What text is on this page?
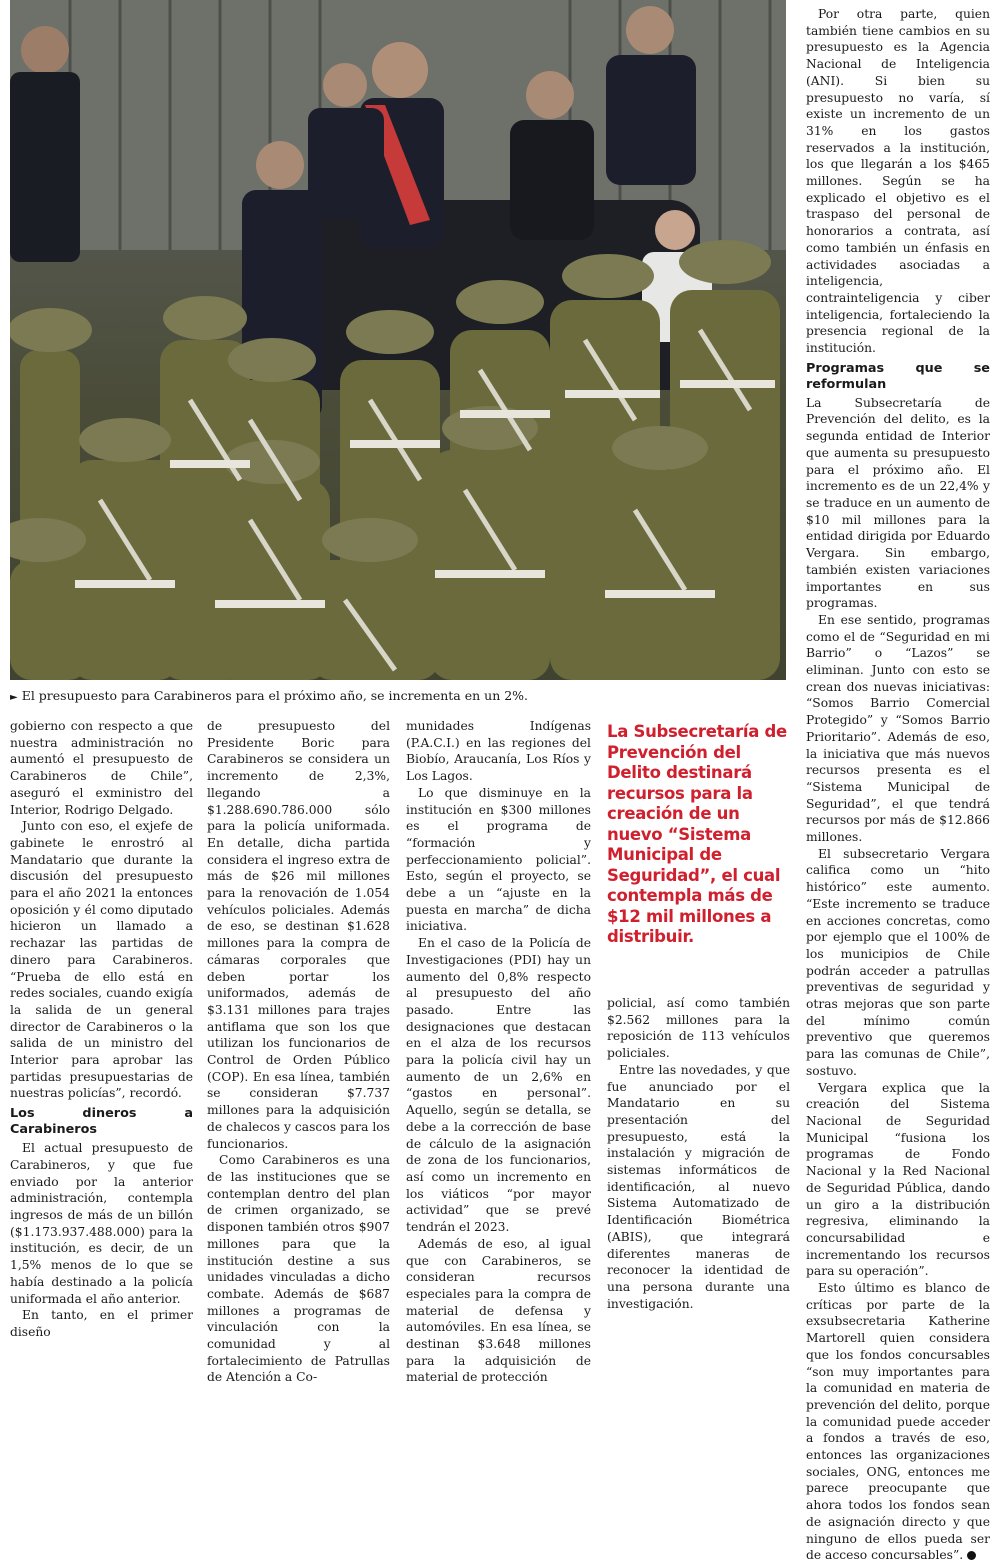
► El presupuesto para Carabineros para el próximo año, se incrementa en un 2%.

gobierno con respecto a que nuestra administración no aumentó el presupuesto de Carabineros de Chile”, aseguró el exministro del Interior, Rodrigo Delgado.

Junto con eso, el exjefe de gabinete le enrostró al Mandatario que durante la discusión del presupuesto para el año 2021 la entonces oposición y él como diputado hicieron un llamado a rechazar las partidas de dinero para Carabineros. “Prueba de ello está en redes sociales, cuando exigía la salida de un general director de Carabineros o la salida de un ministro del Interior para aprobar las partidas presupuestarias de nuestras policías”, recordó.

Los dineros a Carabineros

El actual presupuesto de Carabineros, y que fue enviado por la anterior administración, contempla ingresos de más de un billón ($1.173.937.488.000) para la institución, es decir, de un 1,5% menos de lo que se había destinado a la policía uniformada el año anterior.

En tanto, en el primer diseño

de presupuesto del Presidente Boric para Carabineros se considera un incremento de 2,3%, llegando a $1.288.690.786.000 sólo para la policía uniformada. En detalle, dicha partida considera el ingreso extra de más de $26 mil millones para la renovación de 1.054 vehículos policiales. Además de eso, se destinan $1.628 millones para la compra de cámaras corporales que deben portar los uniformados, además de $3.131 millones para trajes antiflama que son los que utilizan los funcionarios de Control de Orden Público (COP). En esa línea, también se consideran $7.737 millones para la adquisición de chalecos y cascos para los funcionarios.

Como Carabineros es una de las instituciones que se contemplan dentro del plan de crimen organizado, se disponen también otros $907 millones para que la institución destine a sus unidades vinculadas a dicho combate. Además de $687 millones a programas de vinculación con la comunidad y al fortalecimiento de Patrullas de Atención a Co-

munidades Indígenas (P.A.C.I.) en las regiones del Biobío, Araucanía, Los Ríos y Los Lagos.

Lo que disminuye en la institución en $300 millones es el programa de “formación y perfeccionamiento policial”. Esto, según el proyecto, se debe a un “ajuste en la puesta en marcha” de dicha iniciativa.

En el caso de la Policía de Investigaciones (PDI) hay un aumento del 0,8% respecto al presupuesto del año pasado. Entre las designaciones que destacan en el alza de los recursos para la policía civil hay un aumento de un 2,6% en “gastos en personal”. Aquello, según se detalla, se debe a la corrección de base de cálculo de la asignación de zona de los funcionarios, así como un incremento en los viáticos “por mayor actividad” que se prevé tendrán el 2023.

Además de eso, al igual que con Carabineros, se consideran recursos especiales para la compra de material de defensa y automóviles. En esa línea, se destinan $3.648 millones para la adquisición de material de protección

La Subsecretaría de Prevención del Delito destinará recursos para la creación de un nuevo “Sistema Municipal de Seguridad”, el cual contempla más de $12 mil millones a distribuir.

policial, así como también $2.562 millones para la reposición de 113 vehículos policiales.

Entre las novedades, y que fue anunciado por el Mandatario en su presentación del presupuesto, está la instalación y migración de sistemas informáticos de identificación, al nuevo Sistema Automatizado de Identificación Biométrica (ABIS), que integrará diferentes maneras de reconocer la identidad de una persona durante una investigación.

Por otra parte, quien también tiene cambios en su presupuesto es la Agencia Nacional de Inteligencia (ANI). Si bien su presupuesto no varía, sí existe un incremento de un 31% en los gastos reservados a la institución, los que llegarán a los $465 millones. Según se ha explicado el objetivo es el traspaso del personal de honorarios a contrata, así como también un énfasis en actividades asociadas a inteligencia, contrainteligencia y ciber inteligencia, fortaleciendo la presencia regional de la institución.

Programas que se reformulan

La Subsecretaría de Prevención del delito, es la segunda entidad de Interior que aumenta su presupuesto para el próximo año. El incremento es de un 22,4% y se traduce en un aumento de $10 mil millones para la entidad dirigida por Eduardo Vergara. Sin embargo, también existen variaciones importantes en sus programas.

En ese sentido, programas como el de “Seguridad en mi Barrio” o “Lazos” se eliminan. Junto con esto se crean dos nuevas iniciativas: “Somos Barrio Comercial Protegido” y “Somos Barrio Prioritario”. Además de eso, la iniciativa que más nuevos recursos presenta es el “Sistema Municipal de Seguridad”, el que tendrá recursos por más de $12.866 millones.

El subsecretario Vergara califica como un “hito histórico” este aumento. “Este incremento se traduce en acciones concretas, como por ejemplo que el 100% de los municipios de Chile podrán acceder a patrullas preventivas de seguridad y otras mejoras que son parte del mínimo común preventivo que queremos para las comunas de Chile”, sostuvo.

Vergara explica que la creación del Sistema Nacional de Seguridad Municipal “fusiona los programas de Fondo Nacional y la Red Nacional de Seguridad Pública, dando un giro a la distribución regresiva, eliminando la concursabilidad e incrementando los recursos para su operación”.

Esto último es blanco de críticas por parte de la exsubsecretaria Katherine Martorell quien considera que los fondos concursables “son muy importantes para la comunidad en materia de prevención del delito, porque la comunidad puede acceder a fondos a través de eso, entonces las organizaciones sociales, ONG, entonces me parece preocupante que ahora todos los fondos sean de asignación directo y que ninguno de ellos pueda ser de acceso concursables”.
